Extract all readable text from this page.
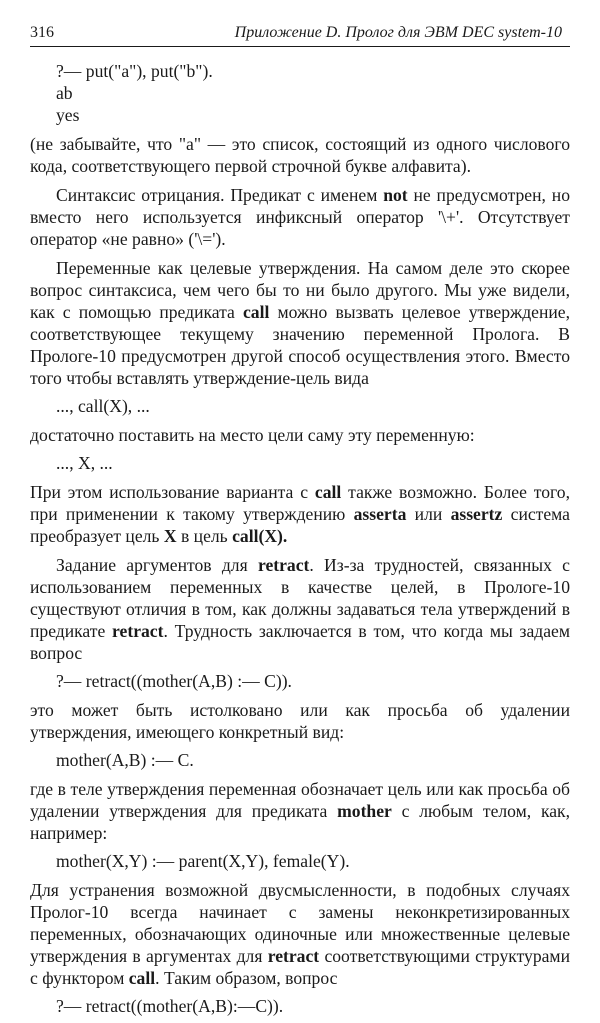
316	Приложение D. Пролог для ЭВМ DEC system-10
?— put("a"), put("b").
ab
yes

(не забывайте, что "a" — это список, состоящий из одного числового кода, соответствующего первой строчной букве алфавита).

Синтаксис отрицания. Предикат с именем not не предусмотрен, но вместо него используется инфиксный оператор '\+'. Отсутствует оператор «не равно» ('\=').

Переменные как целевые утверждения. На самом деле это скорее вопрос синтаксиса, чем чего бы то ни было другого. Мы уже видели, как с помощью предиката call можно вызвать целевое утверждение, соответствующее текущему значению переменной Пролога. В Прологе-10 предусмотрен другой способ осуществления этого. Вместо того чтобы вставлять утверждение-цель вида

..., call(X), ...

достаточно поставить на место цели саму эту переменную:

..., X, ...

При этом использование варианта с call также возможно. Более того, при применении к такому утверждению asserta или assertz система преобразует цель X в цель call(X).

Задание аргументов для retract. Из-за трудностей, связанных с использованием переменных в качестве целей, в Прологе-10 существуют отличия в том, как должны задаваться тела утверждений в предикате retract. Трудность заключается в том, что когда мы задаем вопрос

?— retract((mother(A,B) :— C)).

это может быть истолковано или как просьба об удалении утверждения, имеющего конкретный вид:

mother(A,B) :— C.

где в теле утверждения переменная обозначает цель или как просьба об удалении утверждения для предиката mother с любым телом, как, например:

mother(X,Y) :— parent(X,Y), female(Y).

Для устранения возможной двусмысленности, в подобных случаях Пролог-10 всегда начинает с замены неконкретизированных переменных, обозначающих одиночные или множественные целевые утверждения в аргументах для retract соответствующими структурами с функтором call. Таким образом, вопрос

?— retract((mother(A,B):—C)).
